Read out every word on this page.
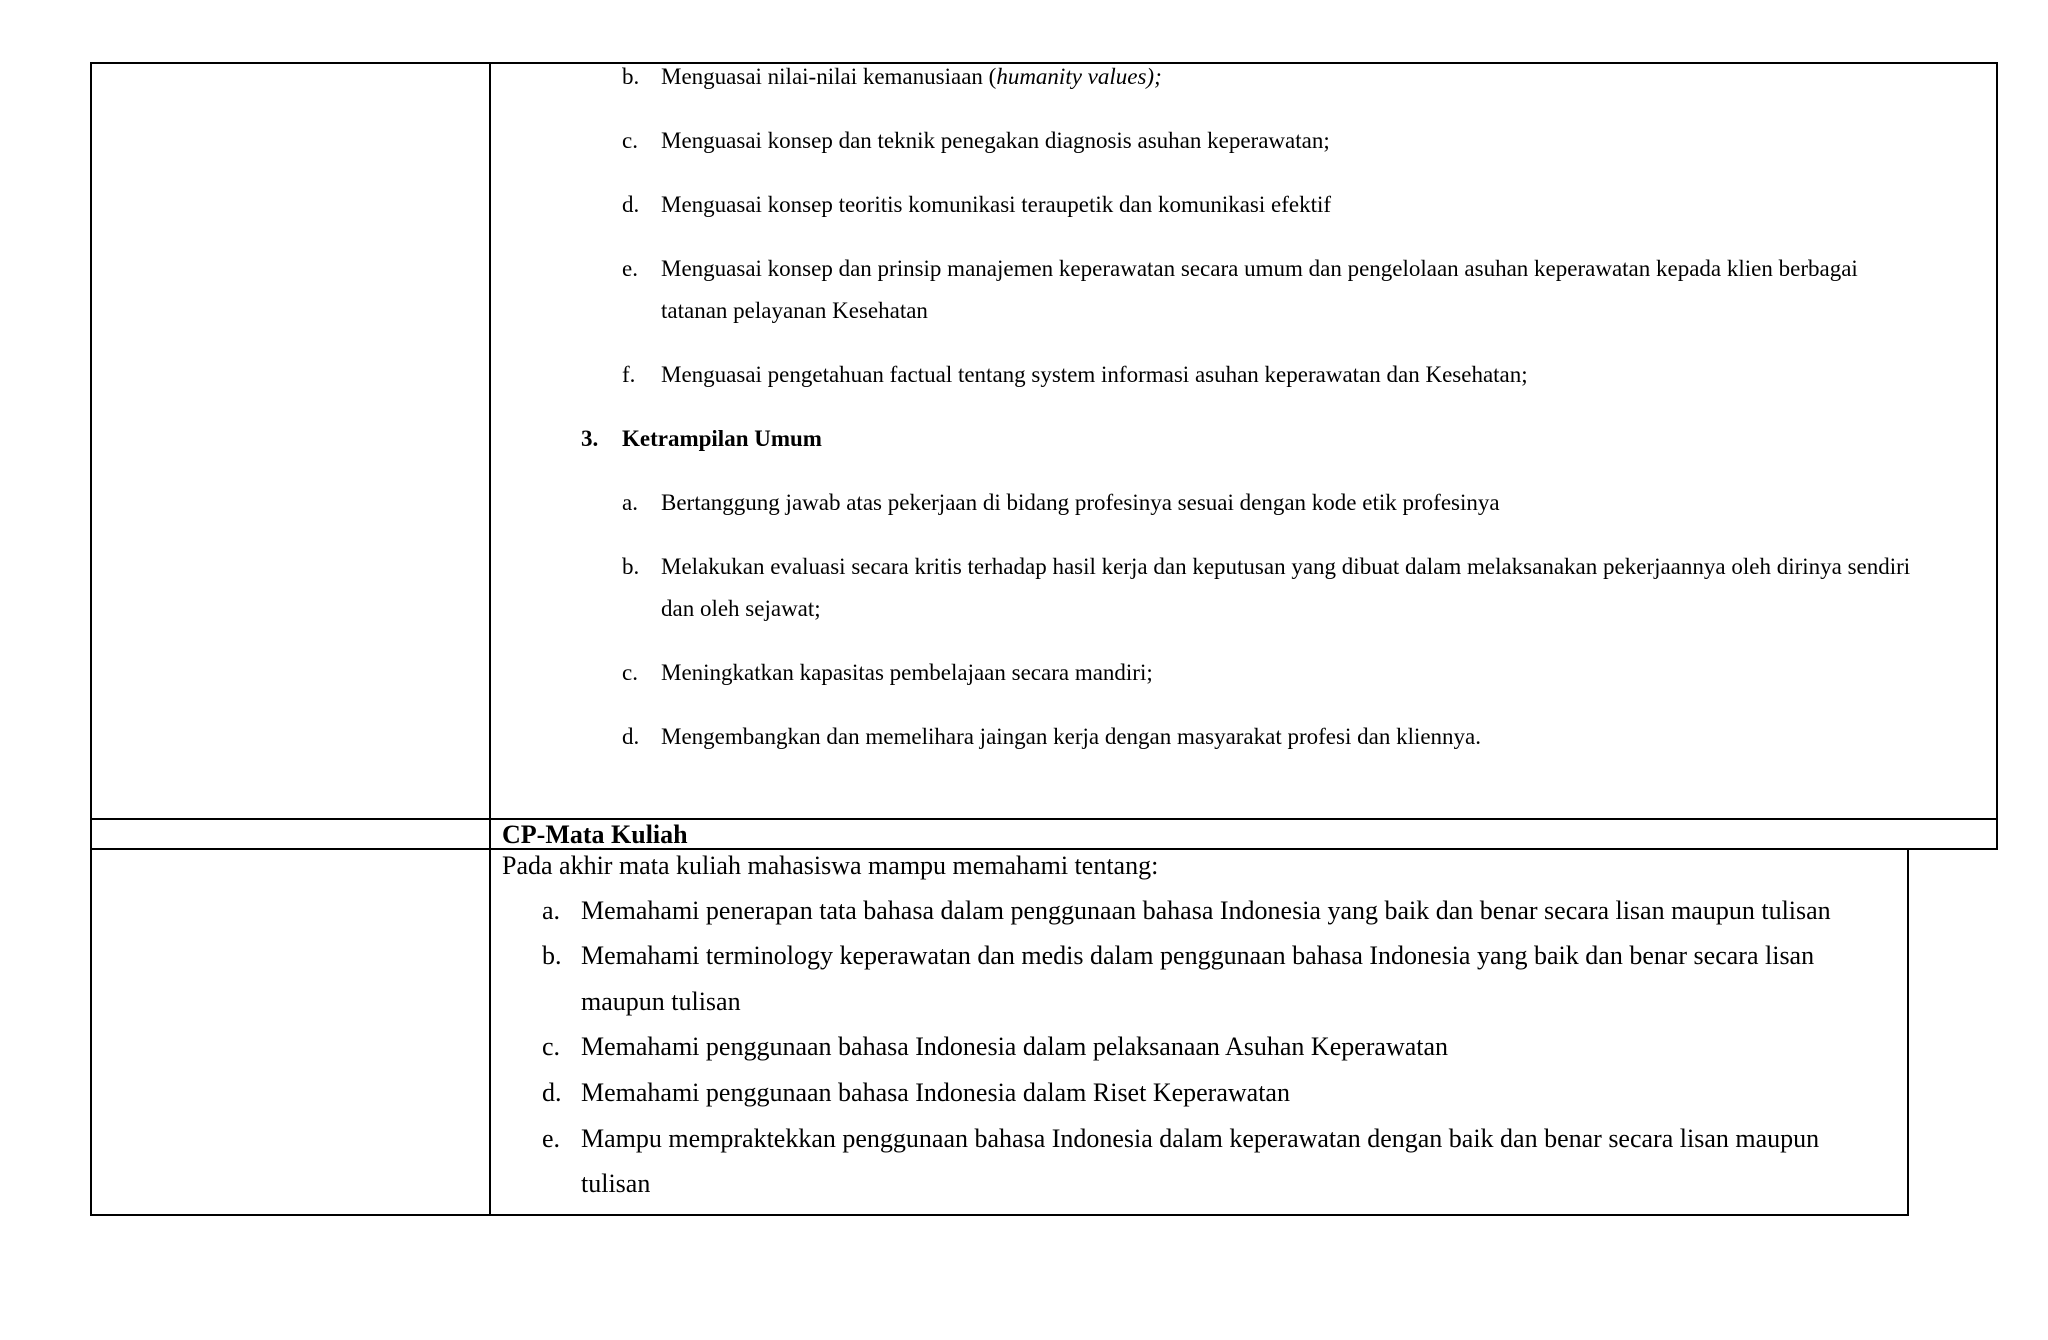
b. Menguasai nilai-nilai kemanusiaan (humanity values);
c. Menguasai konsep dan teknik penegakan diagnosis asuhan keperawatan;
d. Menguasai konsep teoritis komunikasi teraupetik dan komunikasi efektif
e. Menguasai konsep dan prinsip manajemen keperawatan secara umum dan pengelolaan asuhan keperawatan kepada klien berbagai
tatanan pelayanan Kesehatan
f. Menguasai pengetahuan factual tentang system informasi asuhan keperawatan dan Kesehatan;
3. Ketrampilan Umum
a. Bertanggung jawab atas pekerjaan di bidang profesinya sesuai dengan kode etik profesinya
b. Melakukan evaluasi secara kritis terhadap hasil kerja dan keputusan yang dibuat dalam melaksanakan pekerjaannya oleh dirinya sendiri
dan oleh sejawat;
c. Meningkatkan kapasitas pembelajaan secara mandiri;
d. Mengembangkan dan memelihara jaingan kerja dengan masyarakat profesi dan kliennya.
CP-Mata Kuliah
Pada akhir mata kuliah mahasiswa mampu memahami tentang:
a. Memahami penerapan tata bahasa dalam penggunaan bahasa Indonesia yang baik dan benar secara lisan maupun tulisan
b. Memahami terminology keperawatan dan medis dalam penggunaan bahasa Indonesia yang baik dan benar secara lisan
maupun tulisan
c. Memahami penggunaan bahasa Indonesia dalam pelaksanaan Asuhan Keperawatan
d. Memahami penggunaan bahasa Indonesia dalam Riset Keperawatan
e. Mampu mempraktekkan penggunaan bahasa Indonesia dalam keperawatan dengan baik dan benar secara lisan maupun
tulisan
